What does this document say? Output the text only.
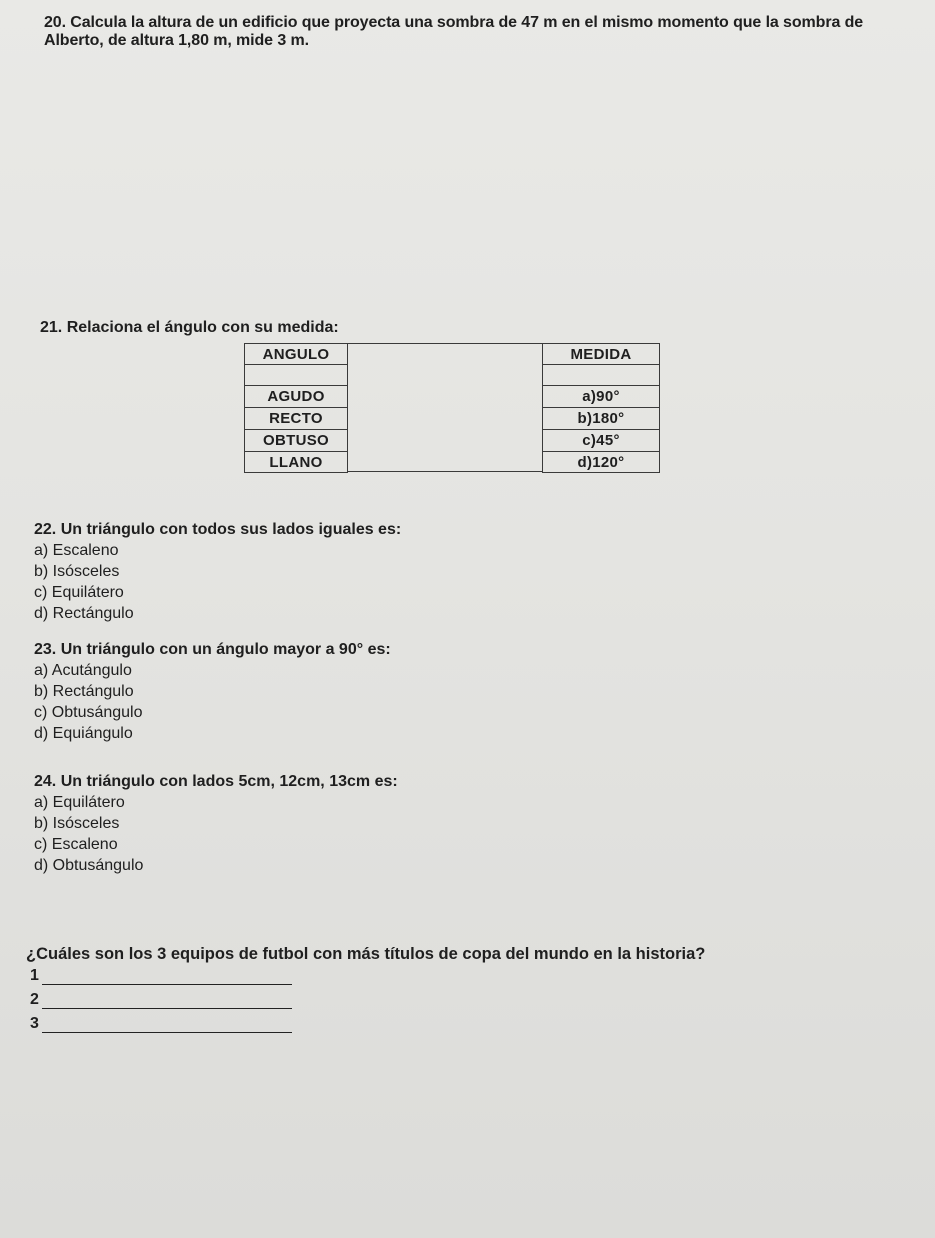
20. Calcula la altura de un edificio que proyecta una sombra de 47 m en el mismo momento que la sombra de Alberto, de altura 1,80 m, mide 3 m.

21. Relaciona el ángulo con su medida:

ANGULO
AGUDO
RECTO
OBTUSO
LLANO
MEDIDA
a)90°
b)180°
c)45°
d)120°

22. Un triángulo con todos sus lados iguales es:

a) Escaleno

b) Isósceles

c) Equilátero

d) Rectángulo

23. Un triángulo con un ángulo mayor a 90° es:

a) Acutángulo

b) Rectángulo

c) Obtusángulo

d) Equiángulo

24. Un triángulo con lados 5cm, 12cm, 13cm es:

a) Equilátero

b) Isósceles

c) Escaleno

d) Obtusángulo

¿Cuáles son los 3 equipos de futbol con más títulos de copa del mundo en la historia?

1
2
3
